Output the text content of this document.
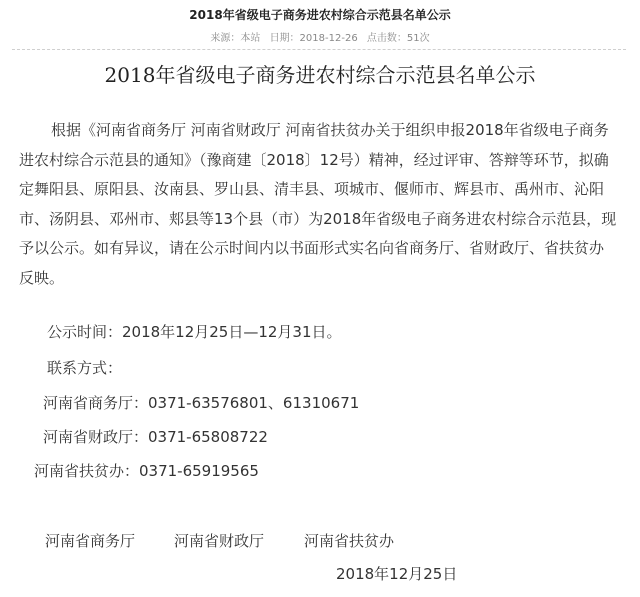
2018年省级电子商务进农村综合示范县名单公示
来源：本站 日期：2018-12-26 点击数：51次
2018年省级电子商务进农村综合示范县名单公示
根据《河南省商务厅 河南省财政厅 河南省扶贫办关于组织申报2018年省级电子商务进农村综合示范县的通知》（豫商建〔2018〕12号）精神，经过评审、答辩等环节，拟确定舞阳县、原阳县、汝南县、罗山县、清丰县、项城市、偃师市、辉县市、禹州市、沁阳市、汤阴县、邓州市、郏县等13个县（市）为2018年省级电子商务进农村综合示范县，现予以公示。如有异议，请在公示时间内以书面形式实名向省商务厅、省财政厅、省扶贫办反映。
公示时间：2018年12月25日—12月31日。
联系方式：
河南省商务厅：0371-63576801、61310671
河南省财政厅：0371-65808722
河南省扶贫办：0371-65919565
河南省商务厅	河南省财政厅	河南省扶贫办
2018年12月25日
